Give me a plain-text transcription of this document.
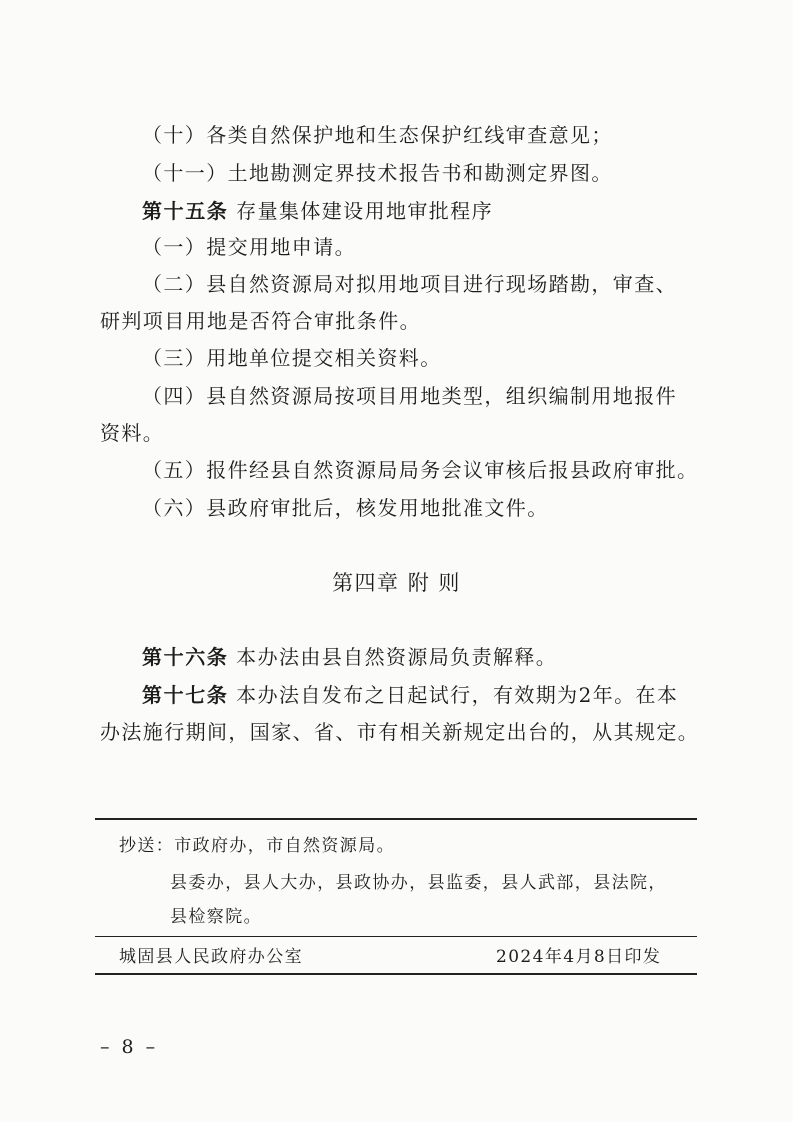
（十）各类自然保护地和生态保护红线审查意见；
（十一）土地勘测定界技术报告书和勘测定界图。
第十五条 存量集体建设用地审批程序
（一）提交用地申请。
（二）县自然资源局对拟用地项目进行现场踏勘，审查、
研判项目用地是否符合审批条件。
（三）用地单位提交相关资料。
（四）县自然资源局按项目用地类型，组织编制用地报件
资料。
（五）报件经县自然资源局局务会议审核后报县政府审批。
（六）县政府审批后，核发用地批准文件。
第四章 附 则
第十六条 本办法由县自然资源局负责解释。
第十七条 本办法自发布之日起试行，有效期为2年。在本
办法施行期间，国家、省、市有相关新规定出台的，从其规定。
抄送：市政府办，市自然资源局。
县委办，县人大办，县政协办，县监委，县人武部，县法院，
县检察院。
城固县人民政府办公室	2024年4月8日印发
– 8 –
